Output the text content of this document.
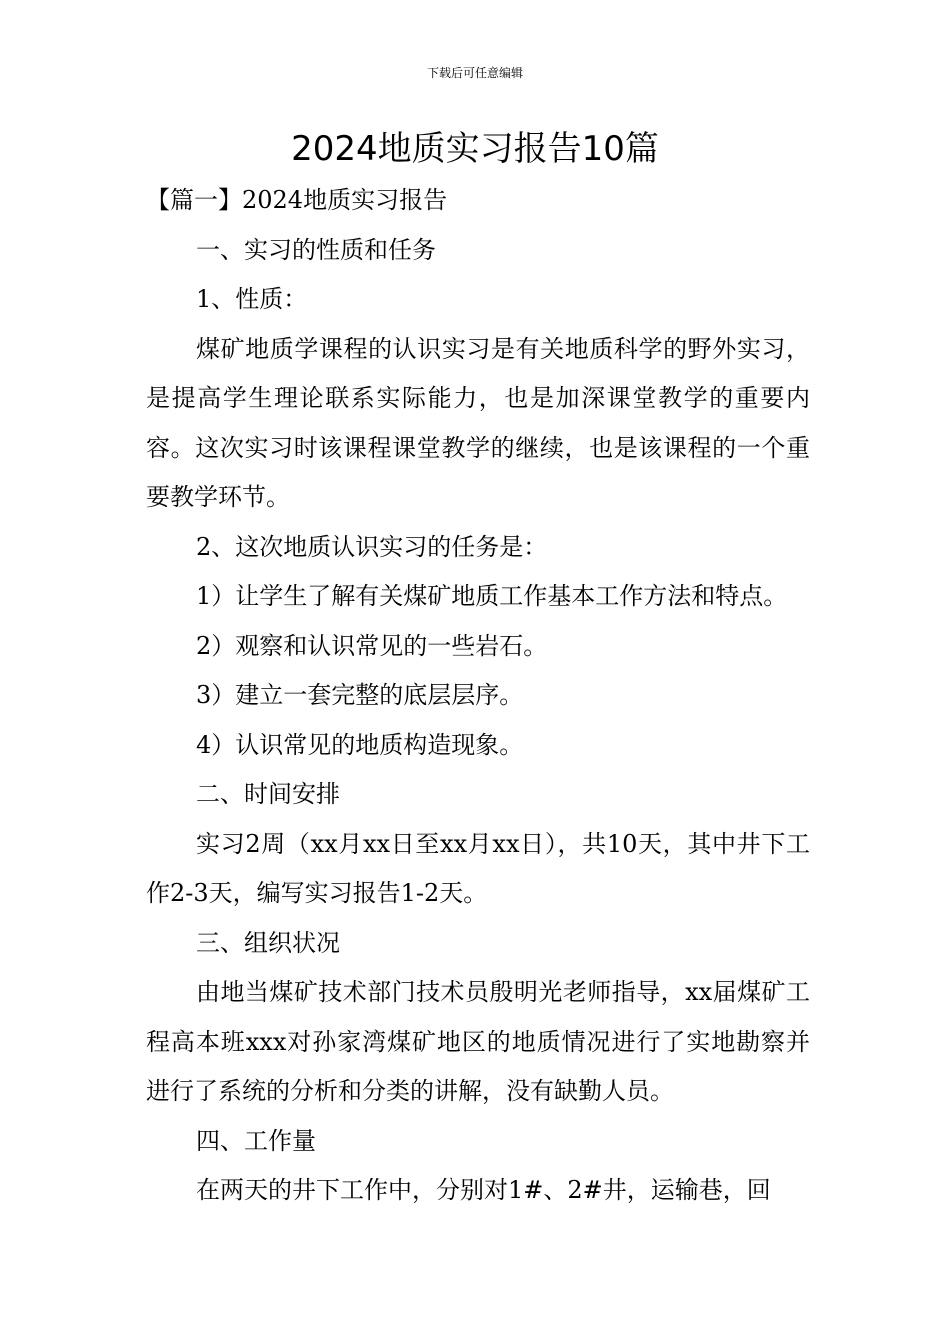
下载后可任意编辑
2024地质实习报告10篇

【篇一】2024地质实习报告

一、实习的性质和任务

1、性质：

煤矿地质学课程的认识实习是有关地质科学的野外实习，是提高学生理论联系实际能力，也是加深课堂教学的重要内容。这次实习时该课程课堂教学的继续，也是该课程的一个重要教学环节。

2、这次地质认识实习的任务是：

1）让学生了解有关煤矿地质工作基本工作方法和特点。

2）观察和认识常见的一些岩石。

3）建立一套完整的底层层序。

4）认识常见的地质构造现象。

二、时间安排

实习2周（xx月xx日至xx月xx日），共10天，其中井下工作2-3天，编写实习报告1-2天。

三、组织状况

由地当煤矿技术部门技术员殷明光老师指导，xx届煤矿工程高本班xxx对孙家湾煤矿地区的地质情况进行了实地勘察并进行了系统的分析和分类的讲解，没有缺勤人员。

四、工作量

在两天的井下工作中，分别对1#、2#井，运输巷，回
